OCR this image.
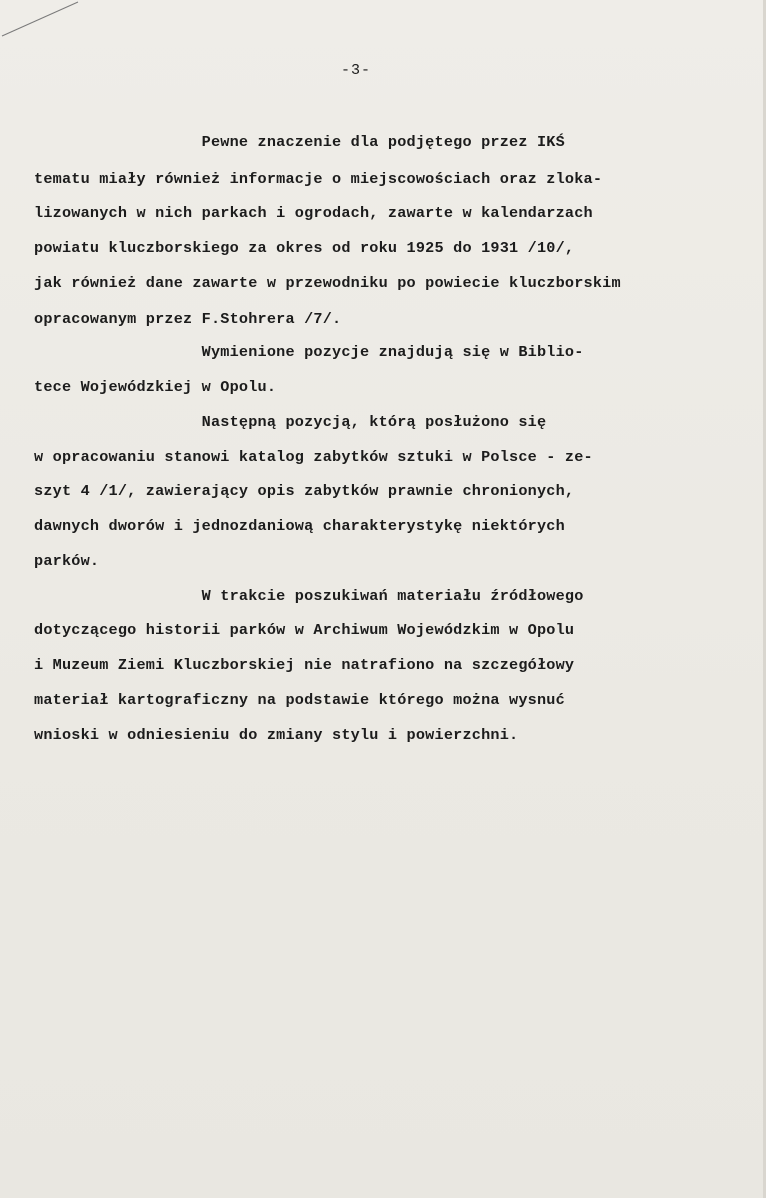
-3-
Pewne znaczenie dla podjętego przez IKŚ
tematu miały również informacje o miejscowościach oraz zloka-
lizowanych w nich parkach i ogrodach, zawarte w kalendarzach
powiatu kluczborskiego za okres od roku 1925 do 1931 /10/,
jak również dane zawarte w przewodniku po powiecie kluczborskim
opracowanym przez F.Stohrera /7/.
Wymienione pozycje znajdują się w Biblio-
tece Wojewódzkiej w Opolu.
Następną pozycją, którą posłużono się
w opracowaniu stanowi katalog zabytków sztuki w Polsce - ze-
szyt 4 /1/, zawierający opis zabytków prawnie chronionych,
dawnych dworów i jednozdaniową charakterystykę niektórych
parków.
W trakcie poszukiwań materiału źródłowego
dotyczącego historii parków w Archiwum Wojewódzkim w Opolu
i Muzeum Ziemi Kluczborskiej nie natrafiono na szczegółowy
materiał kartograficzny na podstawie którego można wysnuć
wnioski w odniesieniu do zmiany stylu i powierzchni.
